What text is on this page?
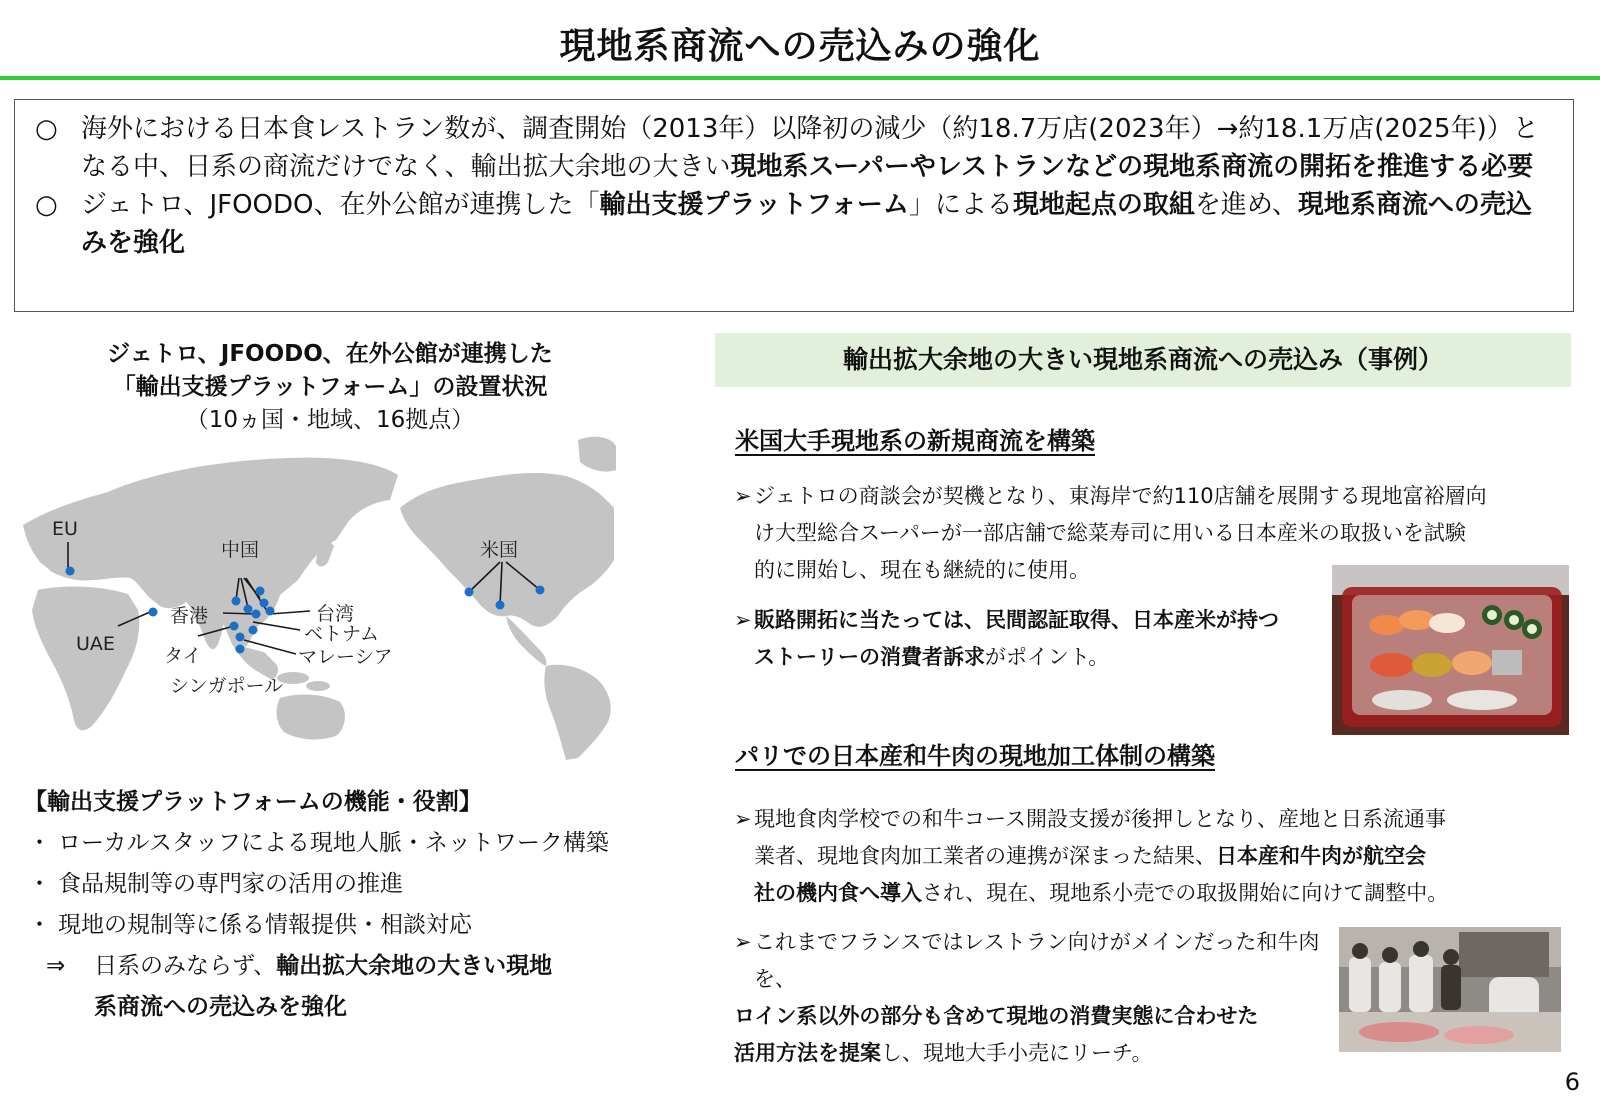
現地系商流への売込みの強化

○ 海外における日本食レストラン数が、調査開始（2013年）以降初の減少（約18.7万店(2023年）→約18.1万店(2025年)）となる中、日系の商流だけでなく、輸出拡大余地の大きい現地系スーパーやレストランなどの現地系商流の開拓を推進する必要

○ ジェトロ、JFOODO、在外公館が連携した「輸出支援プラットフォーム」による現地起点の取組を進め、現地系商流への売込みを強化

ジェトロ、JFOODO、在外公館が連携した
「輸出支援プラットフォーム」の設置状況
（10ヵ国・地域、16拠点）
EU
中国	米国
香港	台湾
UAE	ベトナム
タイ	マレーシア
シンガポール
【輸出支援プラットフォームの機能・役割】
・ ローカルスタッフによる現地人脈・ネットワーク構築
・ 食品規制等の専門家の活用の推進
・ 現地の規制等に係る情報提供・相談対応
⇒ 日系のみならず、輸出拡大余地の大きい現地
系商流への売込みを強化
輸出拡大余地の大きい現地系商流への売込み（事例）
米国大手現地系の新規商流を構築
➢ ジェトロの商談会が契機となり、東海岸で約110店舗を展開する現地富裕層向
け大型総合スーパーが一部店舗で総菜寿司に用いる日本産米の取扱いを試験
的に開始し、現在も継続的に使用。
➢ 販路開拓に当たっては、民間認証取得、日本産米が持つ
ストーリーの消費者訴求がポイント。
パリでの日本産和牛肉の現地加工体制の構築
➢ 現地食肉学校での和牛コース開設支援が後押しとなり、産地と日系流通事
業者、現地食肉加工業者の連携が深まった結果、日本産和牛肉が航空会
社の機内食へ導入され、現在、現地系小売での取扱開始に向けて調整中。
➢ これまでフランスではレストラン向けがメインだった和牛肉を、
ロイン系以外の部分も含めて現地の消費実態に合わせた
活用方法を提案し、現地大手小売にリーチ。
6
